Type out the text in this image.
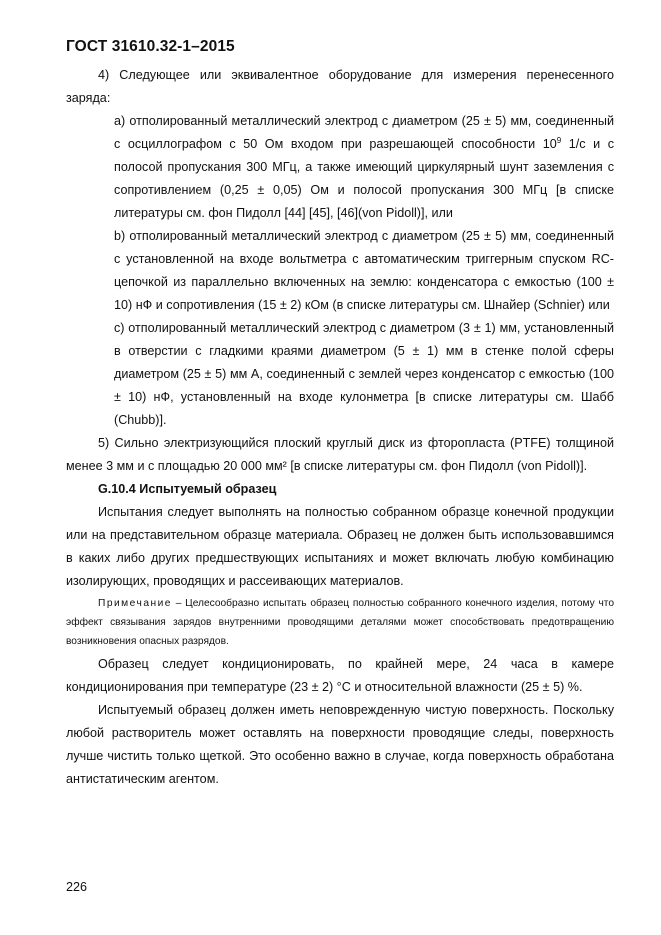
ГОСТ 31610.32-1–2015

4) Следующее или эквивалентное оборудование для измерения перенесенного заряда:

а) отполированный металлический электрод с диаметром (25 ± 5) мм, соединенный с осциллографом с 50 Ом входом при разрешающей способности $10^9$ 1/с и с полосой пропускания 300 МГц, а также имеющий циркулярный шунт заземления с сопротивлением (0,25 ± 0,05) Ом и полосой пропускания 300 МГц [в списке литературы см. фон Пидолл [44] [45], [46](von Pidoll)], или

b) отполированный металлический электрод с диаметром (25 ± 5) мм, соединенный с установленной на входе вольтметра с автоматическим триггерным спуском RC-цепочкой из параллельно включенных на землю: конденсатора с емкостью (100 ± 10) нФ и сопротивления (15 ± 2) кОм (в списке литературы см. Шнайер (Schnier) или

c) отполированный металлический электрод с диаметром (3 ± 1) мм, установленный в отверстии с гладкими краями диаметром (5 ± 1) мм в стенке полой сферы диаметром (25 ± 5) мм А, соединенный с землей через конденсатор с емкостью (100 ± 10) нФ, установленный на входе кулонметра [в списке литературы см. Шабб (Chubb)].

5) Сильно электризующийся плоский круглый диск из фторопласта (PTFE) толщиной менее 3 мм и с площадью 20 000 мм² [в списке литературы см. фон Пидолл (von Pidoll)].

G.10.4 Испытуемый образец

Испытания следует выполнять на полностью собранном образце конечной продукции или на представительном образце материала. Образец не должен быть использовавшимся в каких либо других предшествующих испытаниях и может включать любую комбинацию изолирующих, проводящих и рассеивающих материалов.

Примечание – Целесообразно испытать образец полностью собранного конечного изделия, потому что эффект связывания зарядов внутренними проводящими деталями может способствовать предотвращению возникновения опасных разрядов.

Образец следует кондиционировать, по крайней мере, 24 часа в камере кондиционирования при температуре (23 ± 2) °С и относительной влажности (25 ± 5) %.

Испытуемый образец должен иметь неповрежденную чистую поверхность. Поскольку любой растворитель может оставлять на поверхности проводящие следы, поверхность лучше чистить только щеткой. Это особенно важно в случае, когда поверхность обработана антистатическим агентом.

226
